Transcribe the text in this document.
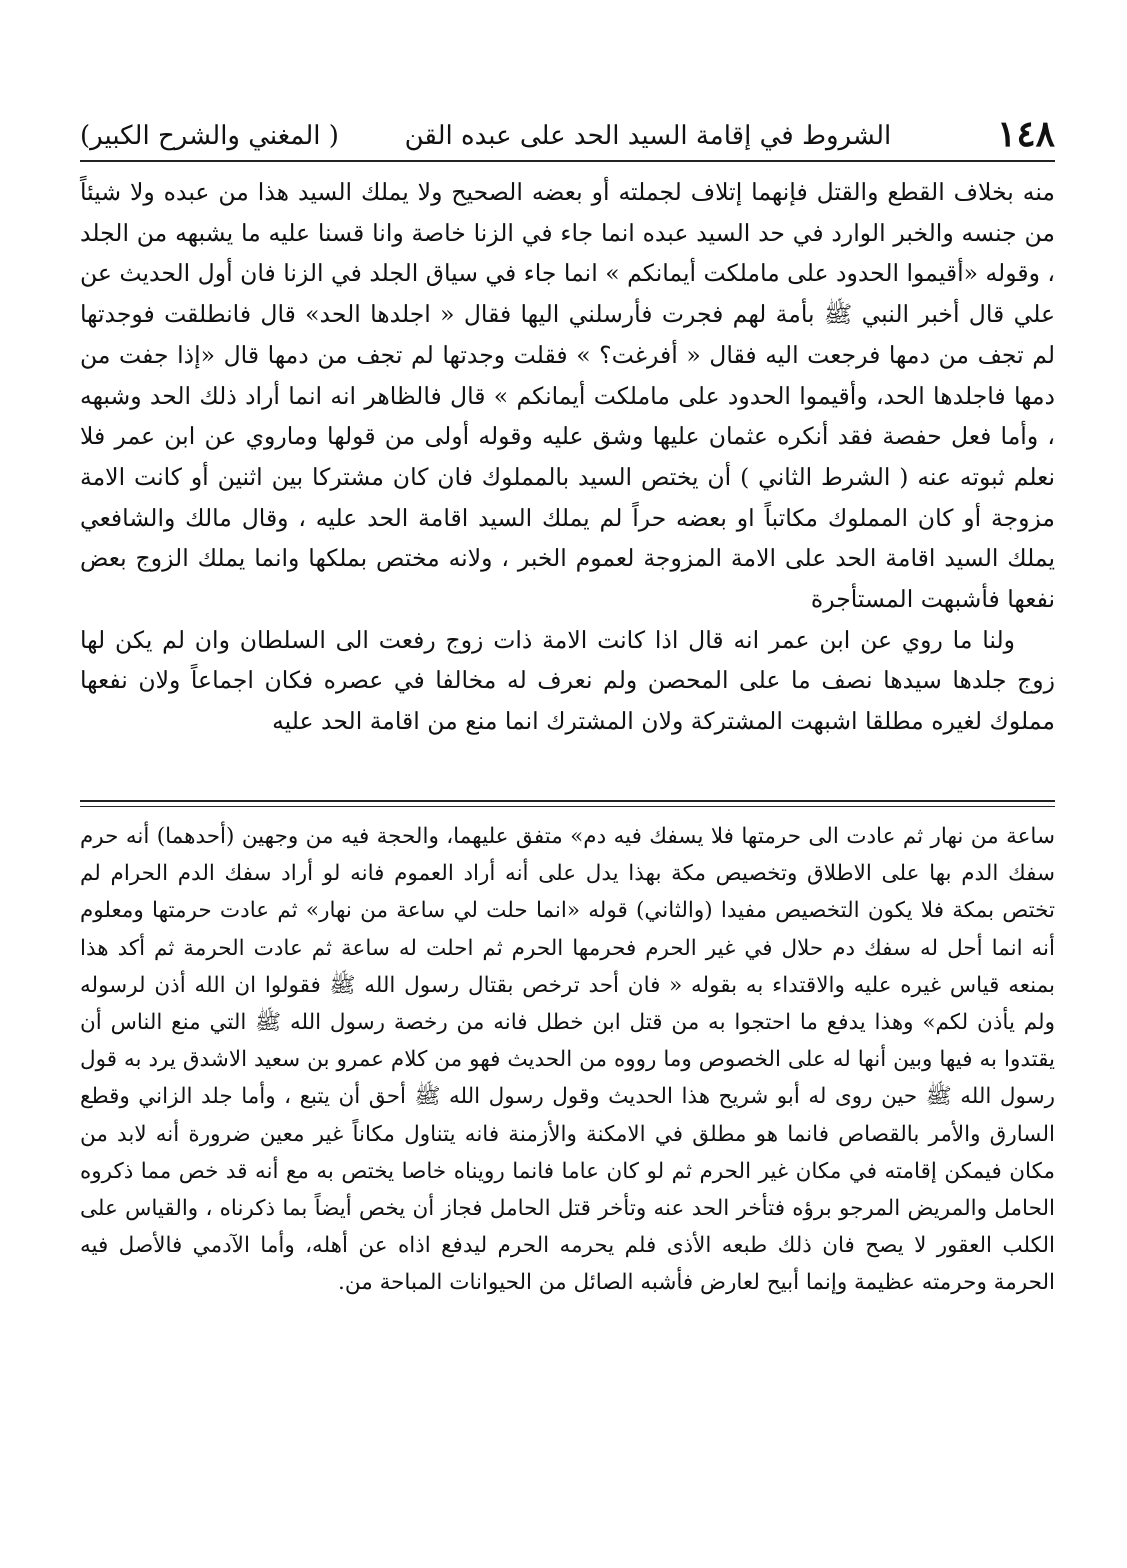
١٤٨
الشروط في إقامة السيد الحد على عبده القن
( المغني والشرح الكبير)

منه بخلاف القطع والقتل فإنهما إتلاف لجملته أو بعضه الصحيح ولا يملك السيد هذا من عبده ولا شيئاً من جنسه والخبر الوارد في حد السيد عبده انما جاء في الزنا خاصة وانا قسنا عليه ما يشبهه من الجلد ، وقوله «أقيموا الحدود على ماملكت أيمانكم » انما جاء في سياق الجلد في الزنا فان أول الحديث عن علي قال أخبر النبي ﷺ بأمة لهم فجرت فأرسلني اليها فقال « اجلدها الحد» قال فانطلقت فوجدتها لم تجف من دمها فرجعت اليه فقال « أفرغت؟ » فقلت وجدتها لم تجف من دمها قال «إذا جفت من دمها فاجلدها الحد، وأقيموا الحدود على ماملكت أيمانكم » قال فالظاهر انه انما أراد ذلك الحد وشبهه ، وأما فعل حفصة فقد أنكره عثمان عليها وشق عليه وقوله أولى من قولها وماروي عن ابن عمر فلا نعلم ثبوته عنه ( الشرط الثاني ) أن يختص السيد بالمملوك فان كان مشتركا بين اثنين أو كانت الامة مزوجة أو كان المملوك مكاتباً او بعضه حراً لم يملك السيد اقامة الحد عليه ، وقال مالك والشافعي يملك السيد اقامة الحد على الامة المزوجة لعموم الخبر ، ولانه مختص بملكها وانما يملك الزوج بعض نفعها فأشبهت المستأجرة

ولنا ما روي عن ابن عمر انه قال اذا كانت الامة ذات زوج رفعت الى السلطان وان لم يكن لها زوج جلدها سيدها نصف ما على المحصن ولم نعرف له مخالفا في عصره فكان اجماعاً ولان نفعها مملوك لغيره مطلقا اشبهت المشتركة ولان المشترك انما منع من اقامة الحد عليه

ساعة من نهار ثم عادت الى حرمتها فلا يسفك فيه دم» متفق عليهما، والحجة فيه من وجهين (أحدهما) أنه حرم سفك الدم بها على الاطلاق وتخصيص مكة بهذا يدل على أنه أراد العموم فانه لو أراد سفك الدم الحرام لم تختص بمكة فلا يكون التخصيص مفيدا (والثاني) قوله «انما حلت لي ساعة من نهار» ثم عادت حرمتها ومعلوم أنه انما أحل له سفك دم حلال في غير الحرم فحرمها الحرم ثم احلت له ساعة ثم عادت الحرمة ثم أكد هذا بمنعه قياس غيره عليه والاقتداء به بقوله « فان أحد ترخص بقتال رسول الله ﷺ فقولوا ان الله أذن لرسوله ولم يأذن لكم» وهذا يدفع ما احتجوا به من قتل ابن خطل فانه من رخصة رسول الله ﷺ التي منع الناس أن يقتدوا به فيها وبين أنها له على الخصوص وما رووه من الحديث فهو من كلام عمرو بن سعيد الاشدق يرد به قول رسول الله ﷺ حين روى له أبو شريح هذا الحديث وقول رسول الله ﷺ أحق أن يتبع ، وأما جلد الزاني وقطع السارق والأمر بالقصاص فانما هو مطلق في الامكنة والأزمنة فانه يتناول مكاناً غير معين ضرورة أنه لابد من مكان فيمكن إقامته في مكان غير الحرم ثم لو كان عاما فانما رويناه خاصا يختص به مع أنه قد خص مما ذكروه الحامل والمريض المرجو برؤه فتأخر الحد عنه وتأخر قتل الحامل فجاز أن يخص أيضاً بما ذكرناه ، والقياس على الكلب العقور لا يصح فان ذلك طبعه الأذى فلم يحرمه الحرم ليدفع اذاه عن أهله، وأما الآدمي فالأصل فيه الحرمة وحرمته عظيمة وإنما أبيح لعارض فأشبه الصائل من الحيوانات المباحة من.
